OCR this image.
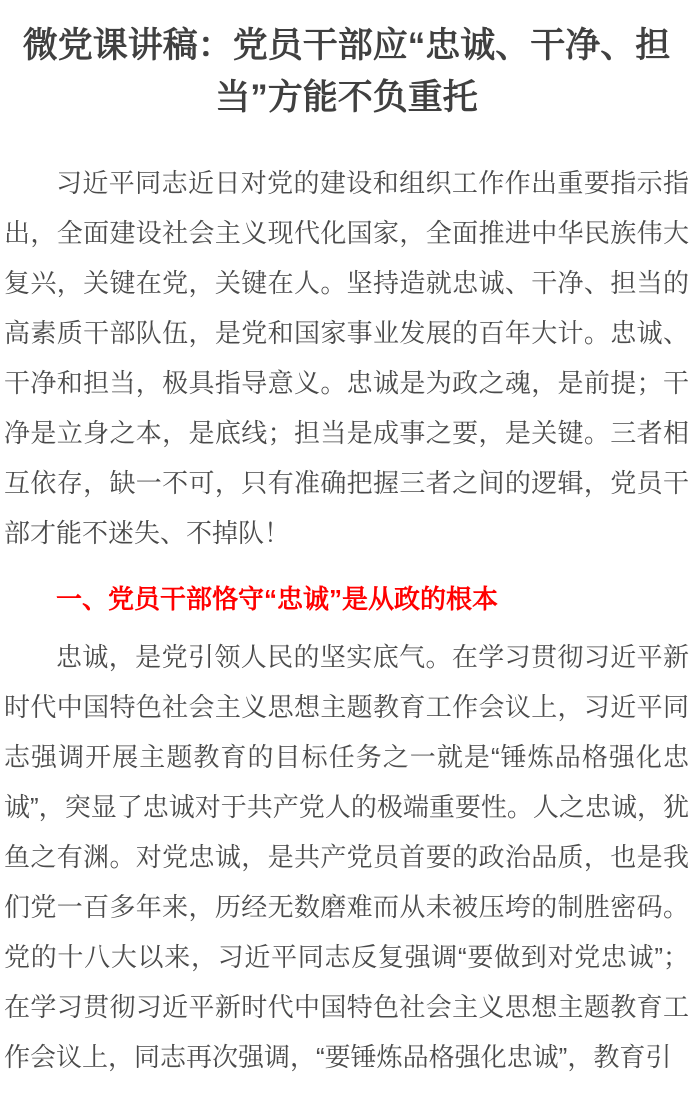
微党课讲稿：党员干部应“忠诚、干净、担当”方能不负重托

习近平同志近日对党的建设和组织工作作出重要指示指出，全面建设社会主义现代化国家，全面推进中华民族伟大复兴，关键在党，关键在人。坚持造就忠诚、干净、担当的高素质干部队伍，是党和国家事业发展的百年大计。忠诚、干净和担当，极具指导意义。忠诚是为政之魂，是前提；干净是立身之本，是底线；担当是成事之要，是关键。三者相互依存，缺一不可，只有准确把握三者之间的逻辑，党员干部才能不迷失、不掉队！

一、党员干部恪守“忠诚”是从政的根本

忠诚，是党引领人民的坚实底气。在学习贯彻习近平新时代中国特色社会主义思想主题教育工作会议上，习近平同志强调开展主题教育的目标任务之一就是“锤炼品格强化忠诚”，突显了忠诚对于共产党人的极端重要性。人之忠诚，犹鱼之有渊。对党忠诚，是共产党员首要的政治品质，也是我们党一百多年来，历经无数磨难而从未被压垮的制胜密码。党的十八大以来，习近平同志反复强调“要做到对党忠诚”；在学习贯彻习近平新时代中国特色社会主义思想主题教育工作会议上，同志再次强调，“要锤炼品格强化忠诚”，教育引
